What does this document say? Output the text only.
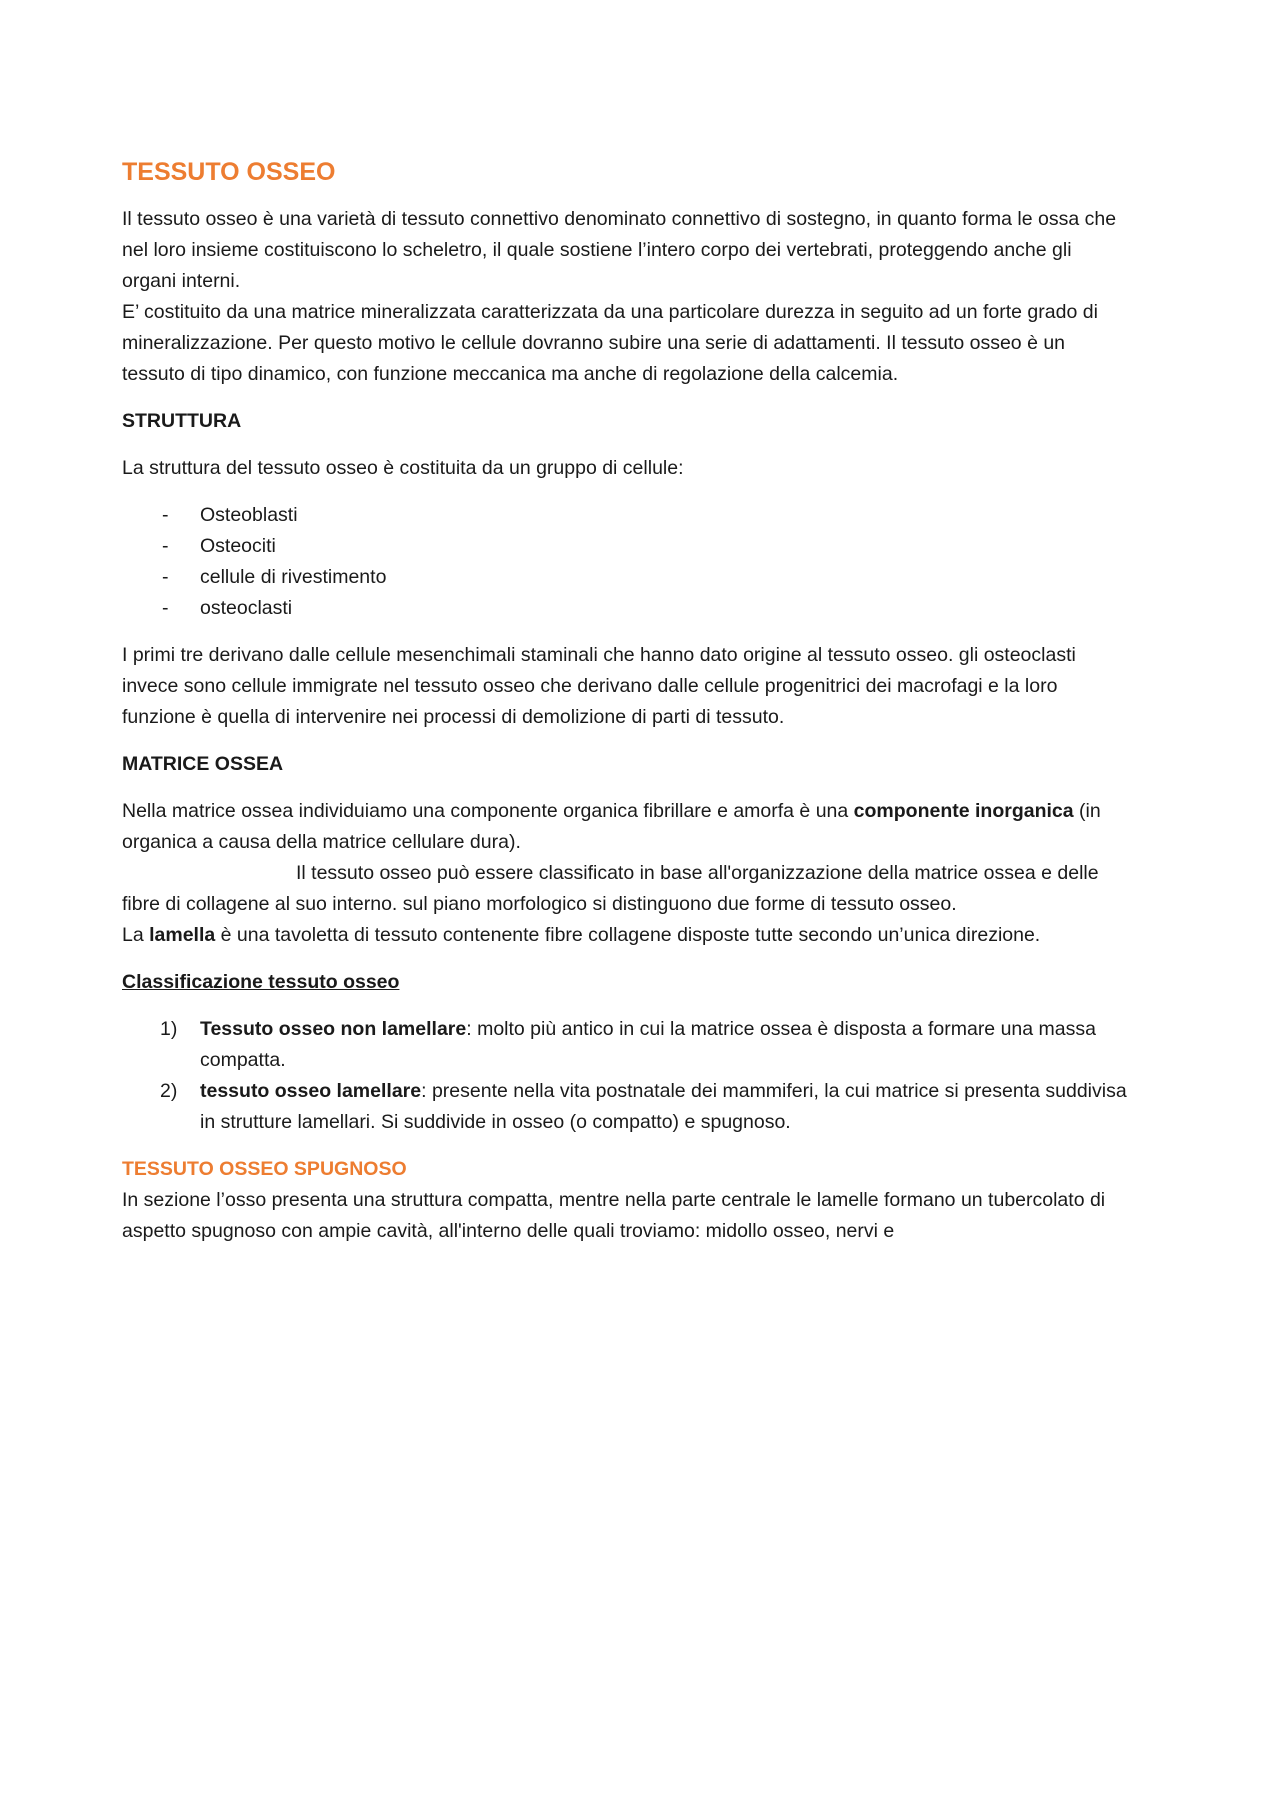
TESSUTO OSSEO

Il tessuto osseo è una varietà di tessuto connettivo denominato connettivo di sostegno, in quanto forma le ossa che nel loro insieme costituiscono lo scheletro, il quale sostiene l’intero corpo dei vertebrati, proteggendo anche gli organi interni.

E’ costituito da una matrice mineralizzata caratterizzata da una particolare durezza in seguito ad un forte grado di mineralizzazione. Per questo motivo le cellule dovranno subire una serie di adattamenti. Il tessuto osseo è un tessuto di tipo dinamico, con funzione meccanica ma anche di regolazione della calcemia.

STRUTTURA

La struttura del tessuto osseo è costituita da un gruppo di cellule:

- Osteoblasti
- Osteociti
- cellule di rivestimento
- osteoclasti

I primi tre derivano dalle cellule mesenchimali staminali che hanno dato origine al tessuto osseo. gli osteoclasti invece sono cellule immigrate nel tessuto osseo che derivano dalle cellule progenitrici dei macrofagi e la loro funzione è quella di intervenire nei processi di demolizione di parti di tessuto.

MATRICE OSSEA

Nella matrice ossea individuiamo una componente organica fibrillare e amorfa è una componente inorganica (in organica a causa della matrice cellulare dura).

Il tessuto osseo può essere classificato in base all'organizzazione della matrice ossea e delle fibre di collagene al suo interno. sul piano morfologico si distinguono due forme di tessuto osseo.

La lamella è una tavoletta di tessuto contenente fibre collagene disposte tutte secondo un’unica direzione.

Classificazione tessuto osseo
1) Tessuto osseo non lamellare: molto più antico in cui la matrice ossea è disposta a formare una massa compatta.
2) tessuto osseo lamellare: presente nella vita postnatale dei mammiferi, la cui matrice si presenta suddivisa in strutture lamellari. Si suddivide in osseo (o compatto) e spugnoso.
TESSUTO OSSEO SPUGNOSO

In sezione l’osso presenta una struttura compatta, mentre nella parte centrale le lamelle formano un tubercolato di aspetto spugnoso con ampie cavità, all'interno delle quali troviamo: midollo osseo, nervi e
